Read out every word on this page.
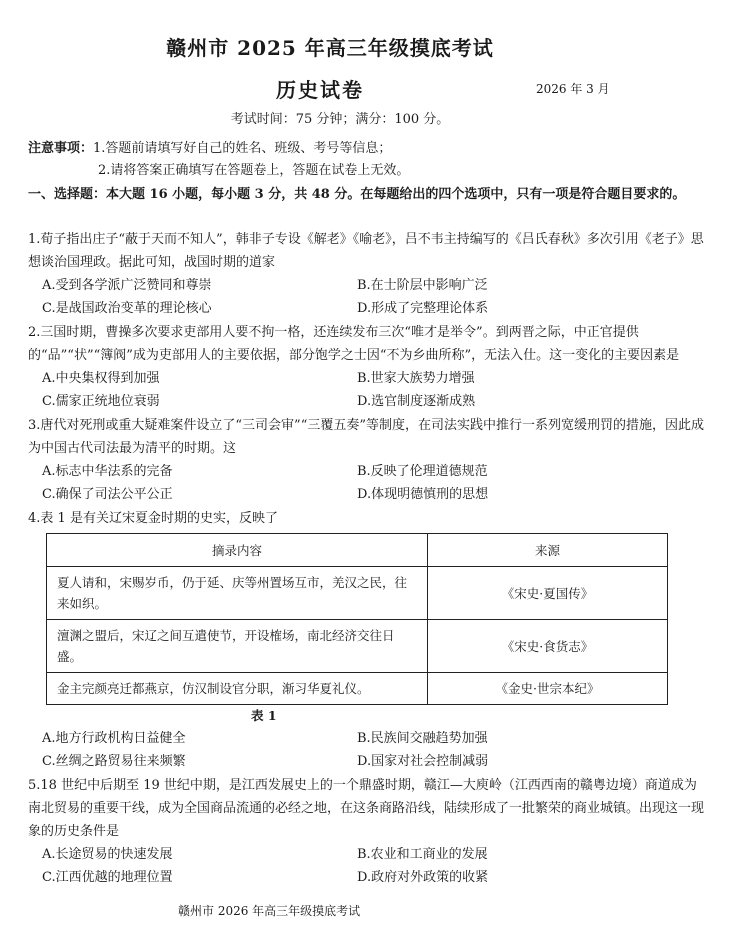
赣州市 2025 年高三年级摸底考试
历史试卷	2026 年 3 月
考试时间：75 分钟；满分：100 分。
注意事项：1.答题前请填写好自己的姓名、班级、考号等信息；
2.请将答案正确填写在答题卷上，答题在试卷上无效。
一、选择题：本大题 16 小题，每小题 3 分，共 48 分。在每题给出的四个选项中，只有一项是符合题目要求的。
1.荀子指出庄子“蔽于天而不知人”，韩非子专设《解老》《喻老》，吕不韦主持编写的《吕氏春秋》多次引用《老子》思想谈治国理政。据此可知，战国时期的道家
A.受到各学派广泛赞同和尊崇	B.在士阶层中影响广泛
C.是战国政治变革的理论核心	D.形成了完整理论体系
2.三国时期，曹操多次要求吏部用人要不拘一格，还连续发布三次“唯才是举令”。到两晋之际，中正官提供的“品”“状”“簿阀”成为吏部用人的主要依据，部分饱学之士因“不为乡曲所称”，无法入仕。这一变化的主要因素是
A.中央集权得到加强	B.世家大族势力增强
C.儒家正统地位衰弱	D.选官制度逐渐成熟
3.唐代对死刑或重大疑难案件设立了“三司会审”“三覆五奏”等制度，在司法实践中推行一系列宽缓刑罚的措施，因此成为中国古代司法最为清平的时期。这
A.标志中华法系的完备	B.反映了伦理道德规范
C.确保了司法公平公正	D.体现明德慎刑的思想
4.表 1 是有关辽宋夏金时期的史实，反映了
摘录内容	来源
夏人请和，宋赐岁币，仍于延、庆等州置场互市，羌汉之民，往来如织。	《宋史·夏国传》
澶渊之盟后，宋辽之间互遣使节，开设榷场，南北经济交往日盛。	《宋史·食货志》
金主完颜亮迁都燕京，仿汉制设官分职，渐习华夏礼仪。	《金史·世宗本纪》
表 1
A.地方行政机构日益健全	B.民族间交融趋势加强
C.丝绸之路贸易往来频繁	D.国家对社会控制减弱
5.18 世纪中后期至 19 世纪中期，是江西发展史上的一个鼎盛时期，赣江—大庾岭（江西西南的赣粤边境）商道成为南北贸易的重要干线，成为全国商品流通的必经之地，在这条商路沿线，陆续形成了一批繁荣的商业城镇。出现这一现象的历史条件是
A.长途贸易的快速发展	B.农业和工商业的发展
C.江西优越的地理位置	D.政府对外政策的收紧
赣州市 2026 年高三年级摸底考试
